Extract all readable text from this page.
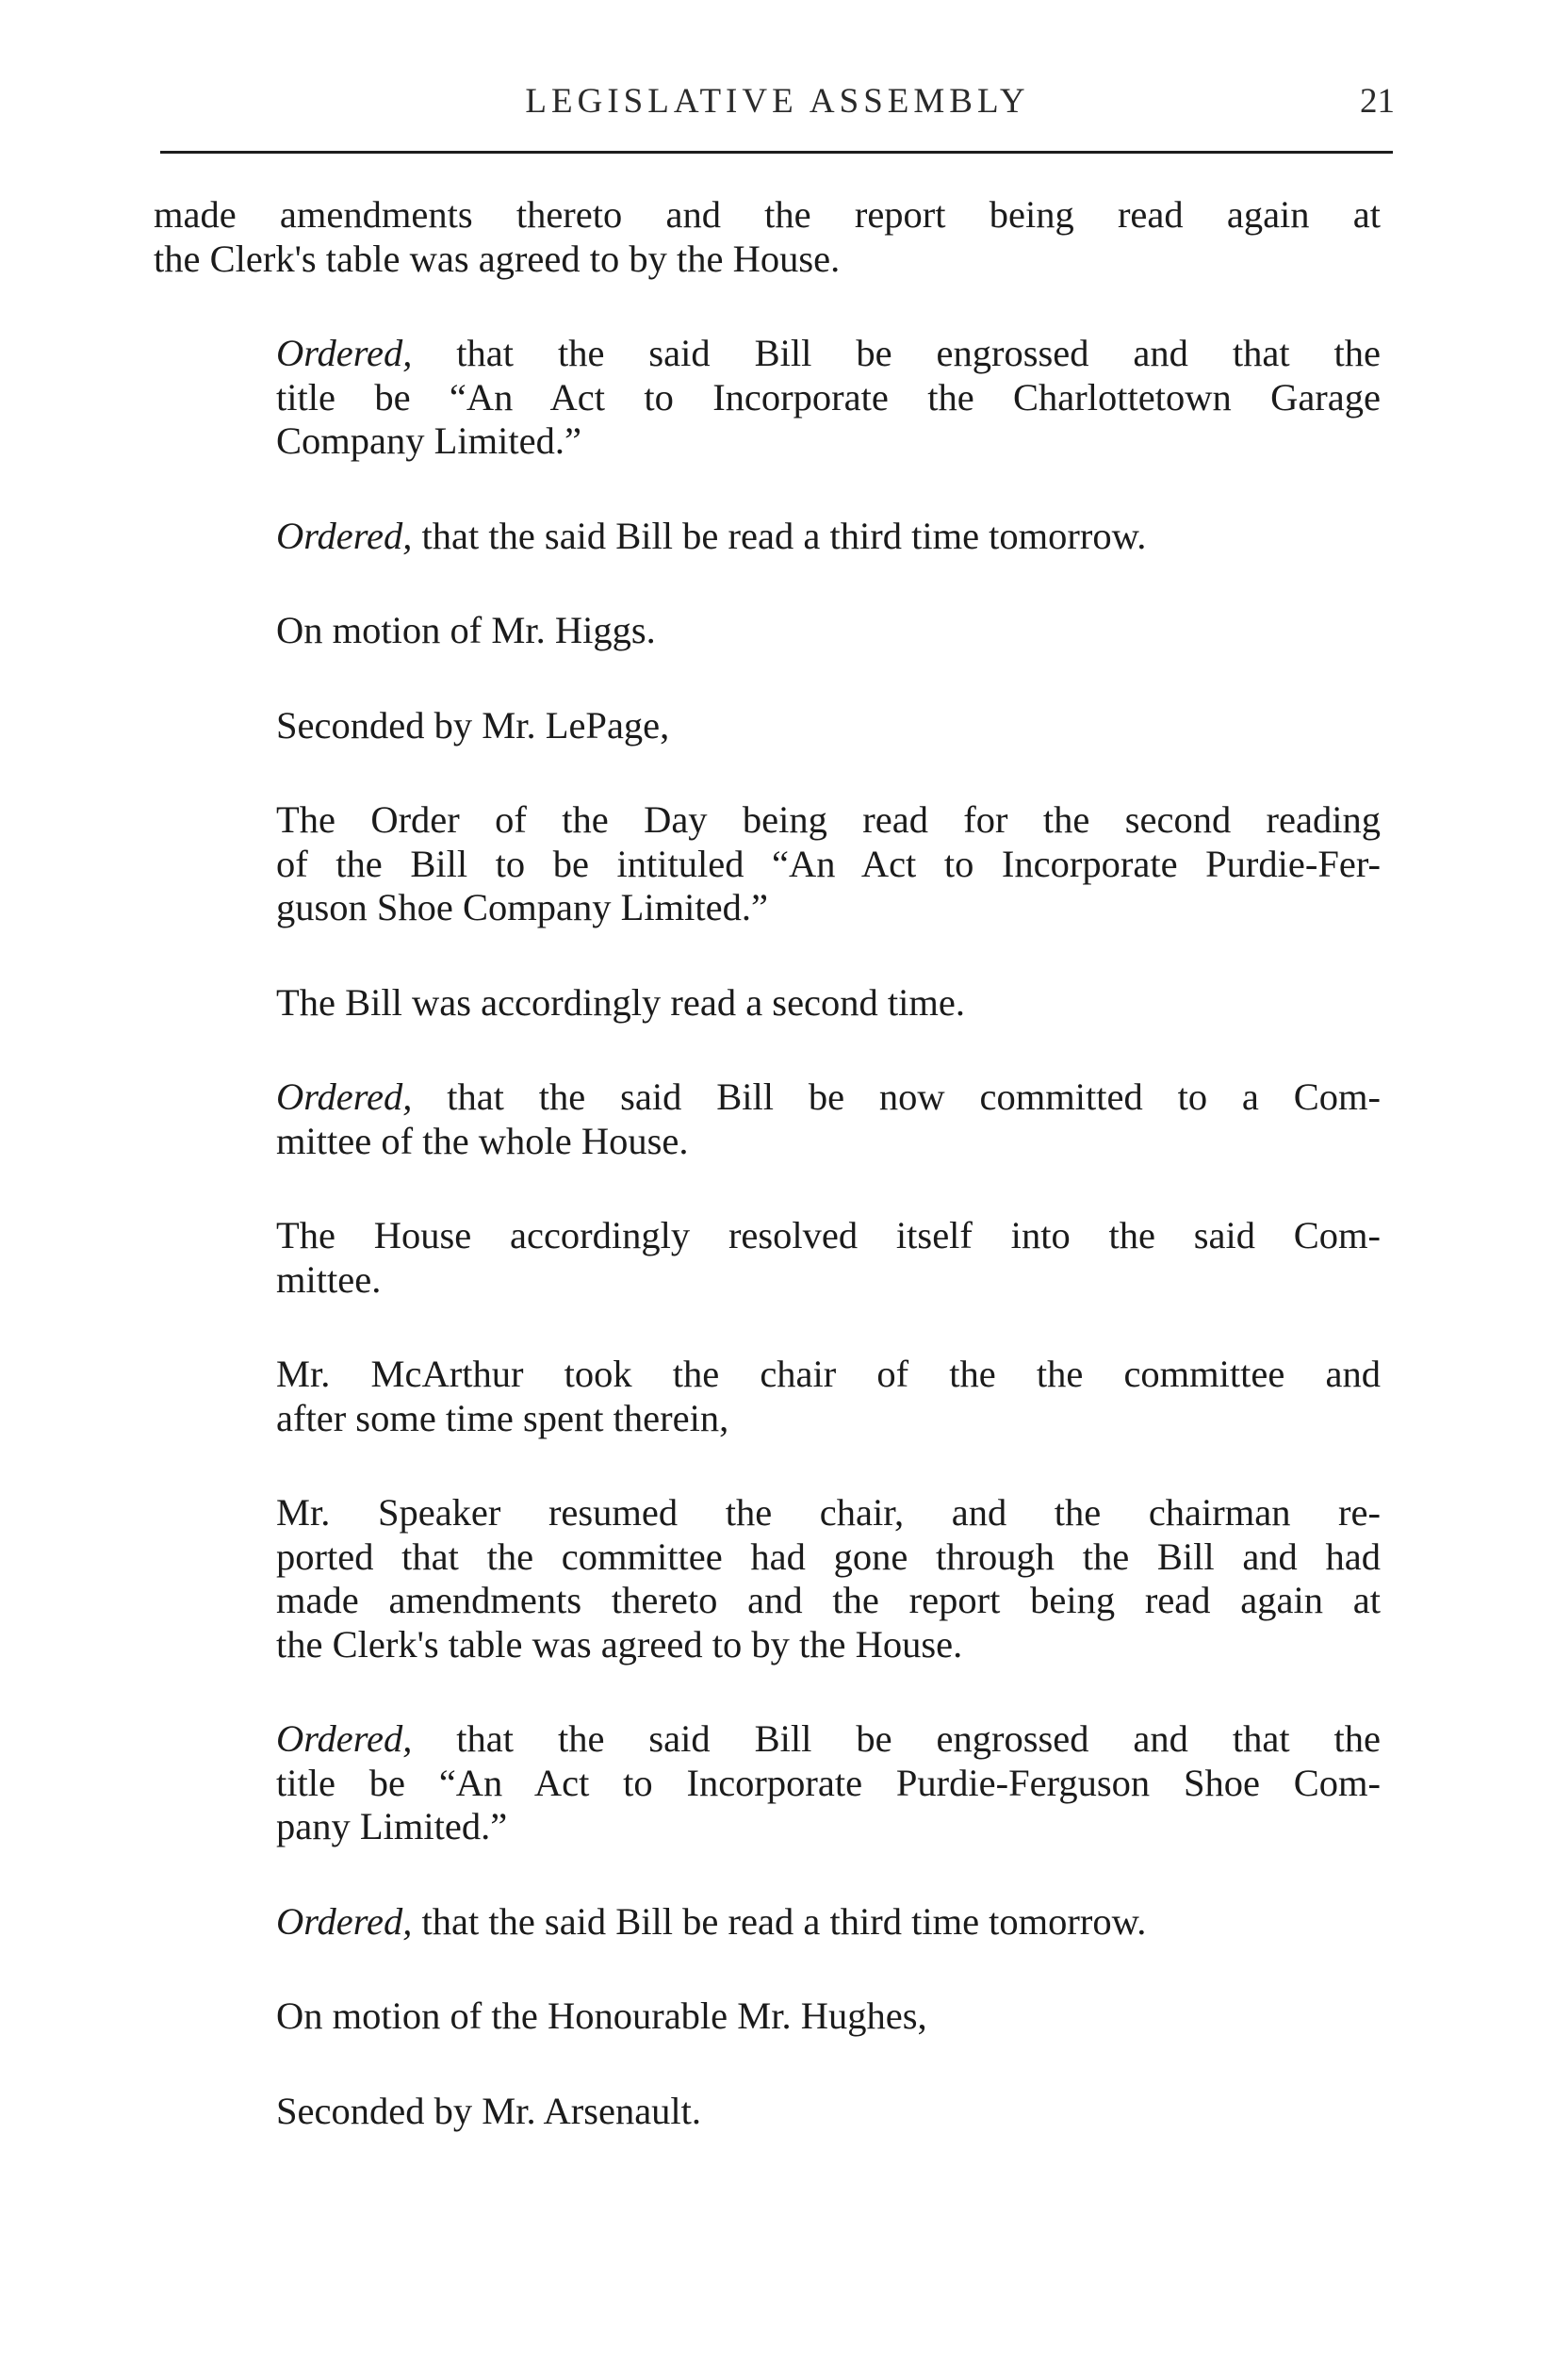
LEGISLATIVE ASSEMBLY	21
made amendments thereto and the report being read again at
the Clerk's table was agreed to by the House.
Ordered, that the said Bill be engrossed and that the
title be “An Act to Incorporate the Charlottetown Garage
Company Limited.”
Ordered, that the said Bill be read a third time tomorrow.
On motion of Mr. Higgs.
Seconded by Mr. LePage,
The Order of the Day being read for the second reading
of the Bill to be intituled “An Act to Incorporate Purdie-Fer-
guson Shoe Company Limited.”
The Bill was accordingly read a second time.
Ordered, that the said Bill be now committed to a Com-
mittee of the whole House.
The House accordingly resolved itself into the said Com-
mittee.
Mr. McArthur took the chair of the the committee and
after some time spent therein,
Mr. Speaker resumed the chair, and the chairman re-
ported that the committee had gone through the Bill and had
made amendments thereto and the report being read again at
the Clerk's table was agreed to by the House.
Ordered, that the said Bill be engrossed and that the
title be “An Act to Incorporate Purdie-Ferguson Shoe Com-
pany Limited.”
Ordered, that the said Bill be read a third time tomorrow.
On motion of the Honourable Mr. Hughes,
Seconded by Mr. Arsenault.
